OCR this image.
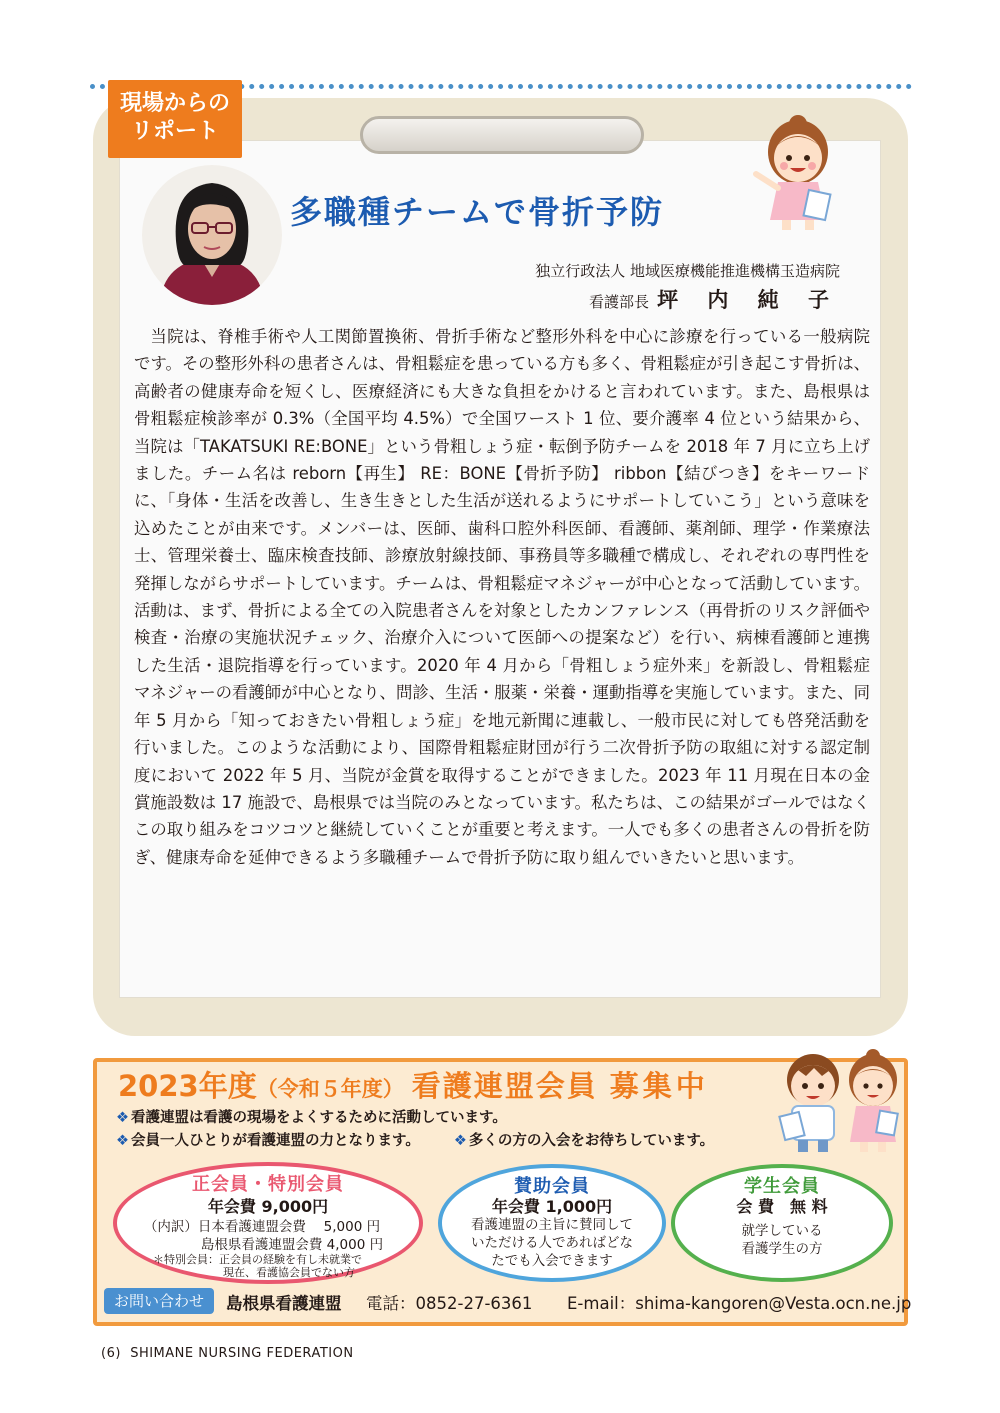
現場からの
リポート
多職種チームで骨折予防
独立行政法人 地域医療機能推進機構玉造病院
看護部長 坪 内 純 子

当院は、脊椎手術や人工関節置換術、骨折手術など整形外科を中心に診療を行っている一般病院です。その整形外科の患者さんは、骨粗鬆症を患っている方も多く、骨粗鬆症が引き起こす骨折は、高齢者の健康寿命を短くし、医療経済にも大きな負担をかけると言われています。また、島根県は骨粗鬆症検診率が 0.3%（全国平均 4.5%）で全国ワースト 1 位、要介護率 4 位という結果から、当院は「TAKATSUKI RE:BONE」という骨粗しょう症・転倒予防チームを 2018 年 7 月に立ち上げました。チーム名は reborn【再生】 RE：BONE【骨折予防】 ribbon【結びつき】をキーワードに、「身体・生活を改善し、生き生きとした生活が送れるようにサポートしていこう」という意味を込めたことが由来です。メンバーは、医師、歯科口腔外科医師、看護師、薬剤師、理学・作業療法士、管理栄養士、臨床検査技師、診療放射線技師、事務員等多職種で構成し、それぞれの専門性を発揮しながらサポートしています。チームは、骨粗鬆症マネジャーが中心となって活動しています。活動は、まず、骨折による全ての入院患者さんを対象としたカンファレンス（再骨折のリスク評価や検査・治療の実施状況チェック、治療介入について医師への提案など）を行い、病棟看護師と連携した生活・退院指導を行っています。2020 年 4 月から「骨粗しょう症外来」を新設し、骨粗鬆症マネジャーの看護師が中心となり、問診、生活・服薬・栄養・運動指導を実施しています。また、同年 5 月から「知っておきたい骨粗しょう症」を地元新聞に連載し、一般市民に対しても啓発活動を行いました。このような活動により、国際骨粗鬆症財団が行う二次骨折予防の取組に対する認定制度において 2022 年 5 月、当院が金賞を取得することができました。2023 年 11 月現在日本の金賞施設数は 17 施設で、島根県では当院のみとなっています。私たちは、この結果がゴールではなくこの取り組みをコツコツと継続していくことが重要と考えます。一人でも多くの患者さんの骨折を防ぎ、健康寿命を延伸できるよう多職種チームで骨折予防に取り組んでいきたいと思います。

2023年度（令和５年度） 看護連盟会員 募集中
❖ 看護連盟は看護の現場をよくするために活動しています。
❖ 会員一人ひとりが看護連盟の力となります。 ❖ 多くの方の入会をお待ちしています。
正会員・特別会員
年会費 9,000円
（内訳）日本看護連盟会費　 5,000 円
島根県看護連盟会費 4,000 円
＊特別会員：正会員の経験を有し未就業で
現在、看護協会員でない方
賛助会員
年会費 1,000円
看護連盟の主旨に賛同して
いただける人であればどな
たでも入会できます
学生会員
会 費　無 料
就学している
看護学生の方
お問い合わせ	島根県看護連盟 電話：0852-27-6361 E-mail：shima-kangoren@Vesta.ocn.ne.jp
(6) SHIMANE NURSING FEDERATION
